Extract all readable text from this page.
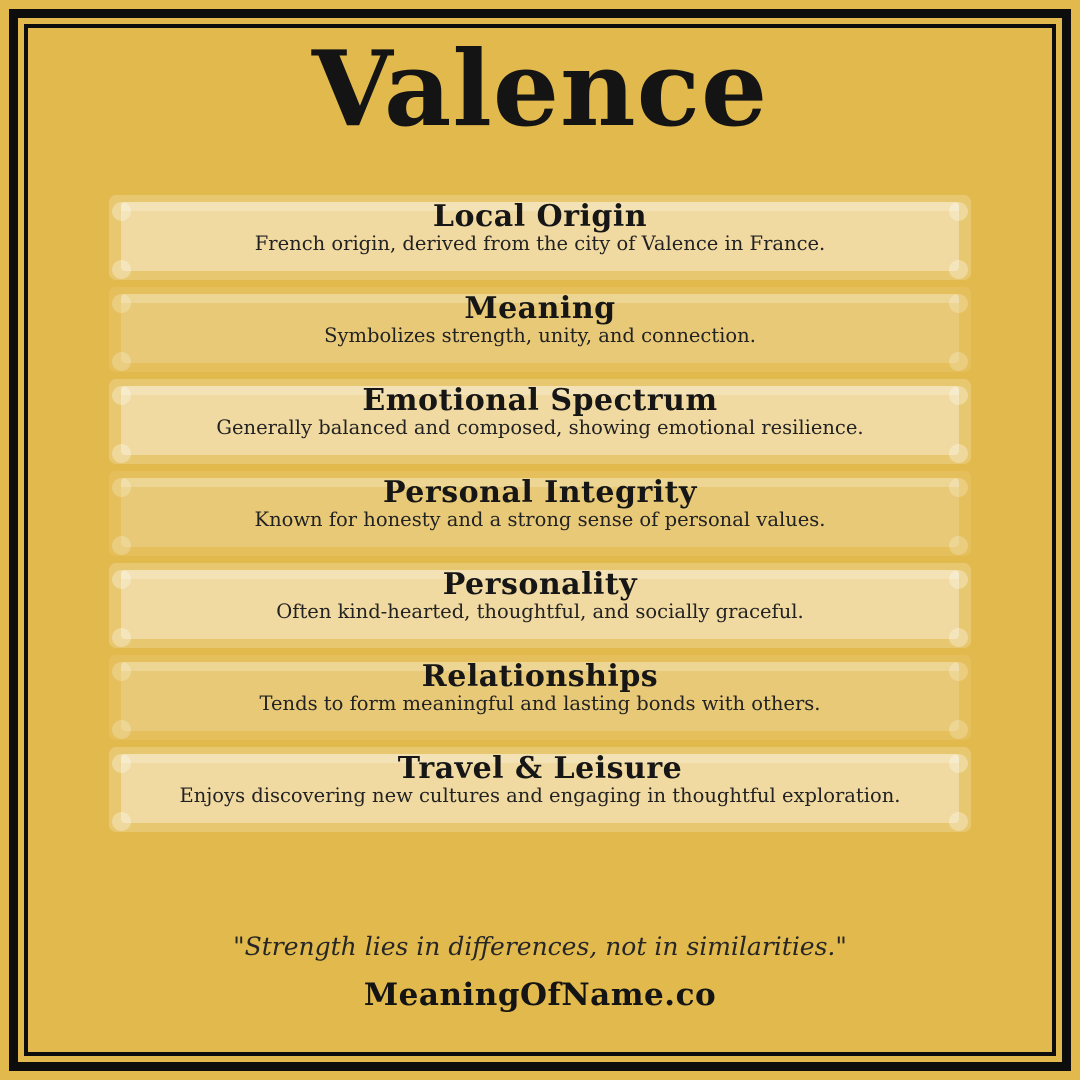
Valence
Local Origin
French origin, derived from the city of Valence in France.
Meaning
Symbolizes strength, unity, and connection.
Emotional Spectrum
Generally balanced and composed, showing emotional resilience.
Personal Integrity
Known for honesty and a strong sense of personal values.
Personality
Often kind-hearted, thoughtful, and socially graceful.
Relationships
Tends to form meaningful and lasting bonds with others.
Travel & Leisure
Enjoys discovering new cultures and engaging in thoughtful exploration.
"Strength lies in differences, not in similarities."
MeaningOfName.co
